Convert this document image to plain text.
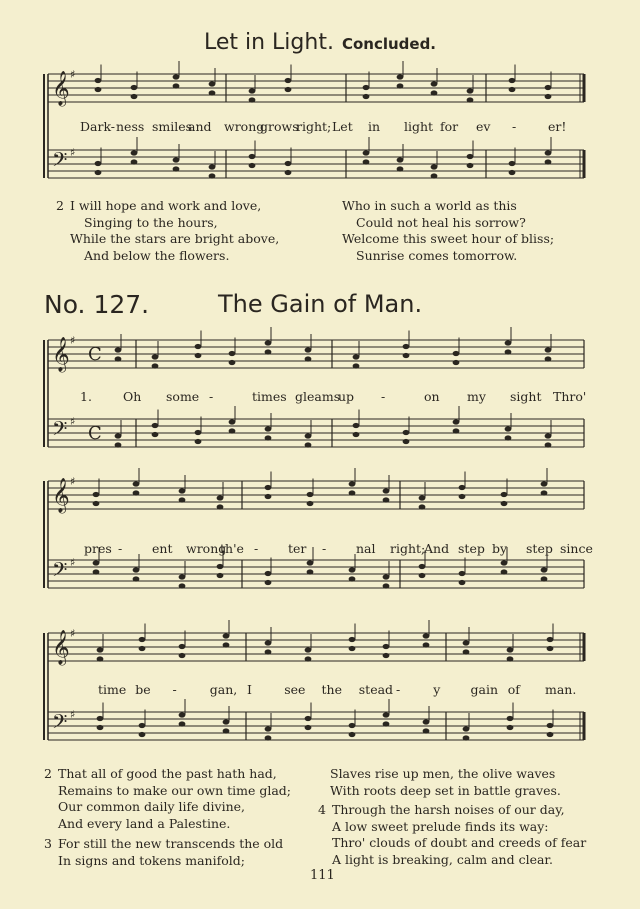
Let in Light. Concluded.
𝄞
𝄢
♯
♯
𝄞
𝄢
♯
♯
𝄞
𝄢
♯
♯
𝄞
𝄢
♯
♯
C
C
Dark- ness smiles
and wrong
grows
right; Let in light for ev -	er!
2 I will hope and work and love,
Singing to the hours,
While the stars are bright above,
And below the flowers.
Who in such a world as this
Could not heal his sorrow?
Welcome this sweet hour of bliss;
Sunrise comes tomorrow.
No. 127.	The Gain of Man.
1. Oh some -	times gleams
up -	on my sight Thro'
pres - ent wrong
th'e - ter - nal right;
And step by step since
time be -	gan, I	see the stead -	y gain of man.
2 That all of good the past hath had,
Remains to make our own time glad;
Our common daily life divine,
And every land a Palestine.
3 For still the new transcends the old
In signs and tokens manifold;
Slaves rise up men, the olive waves
With roots deep set in battle graves.
4 Through the harsh noises of our day,
A low sweet prelude finds its way:
Thro' clouds of doubt and creeds of fear
A light is breaking, calm and clear.
111
